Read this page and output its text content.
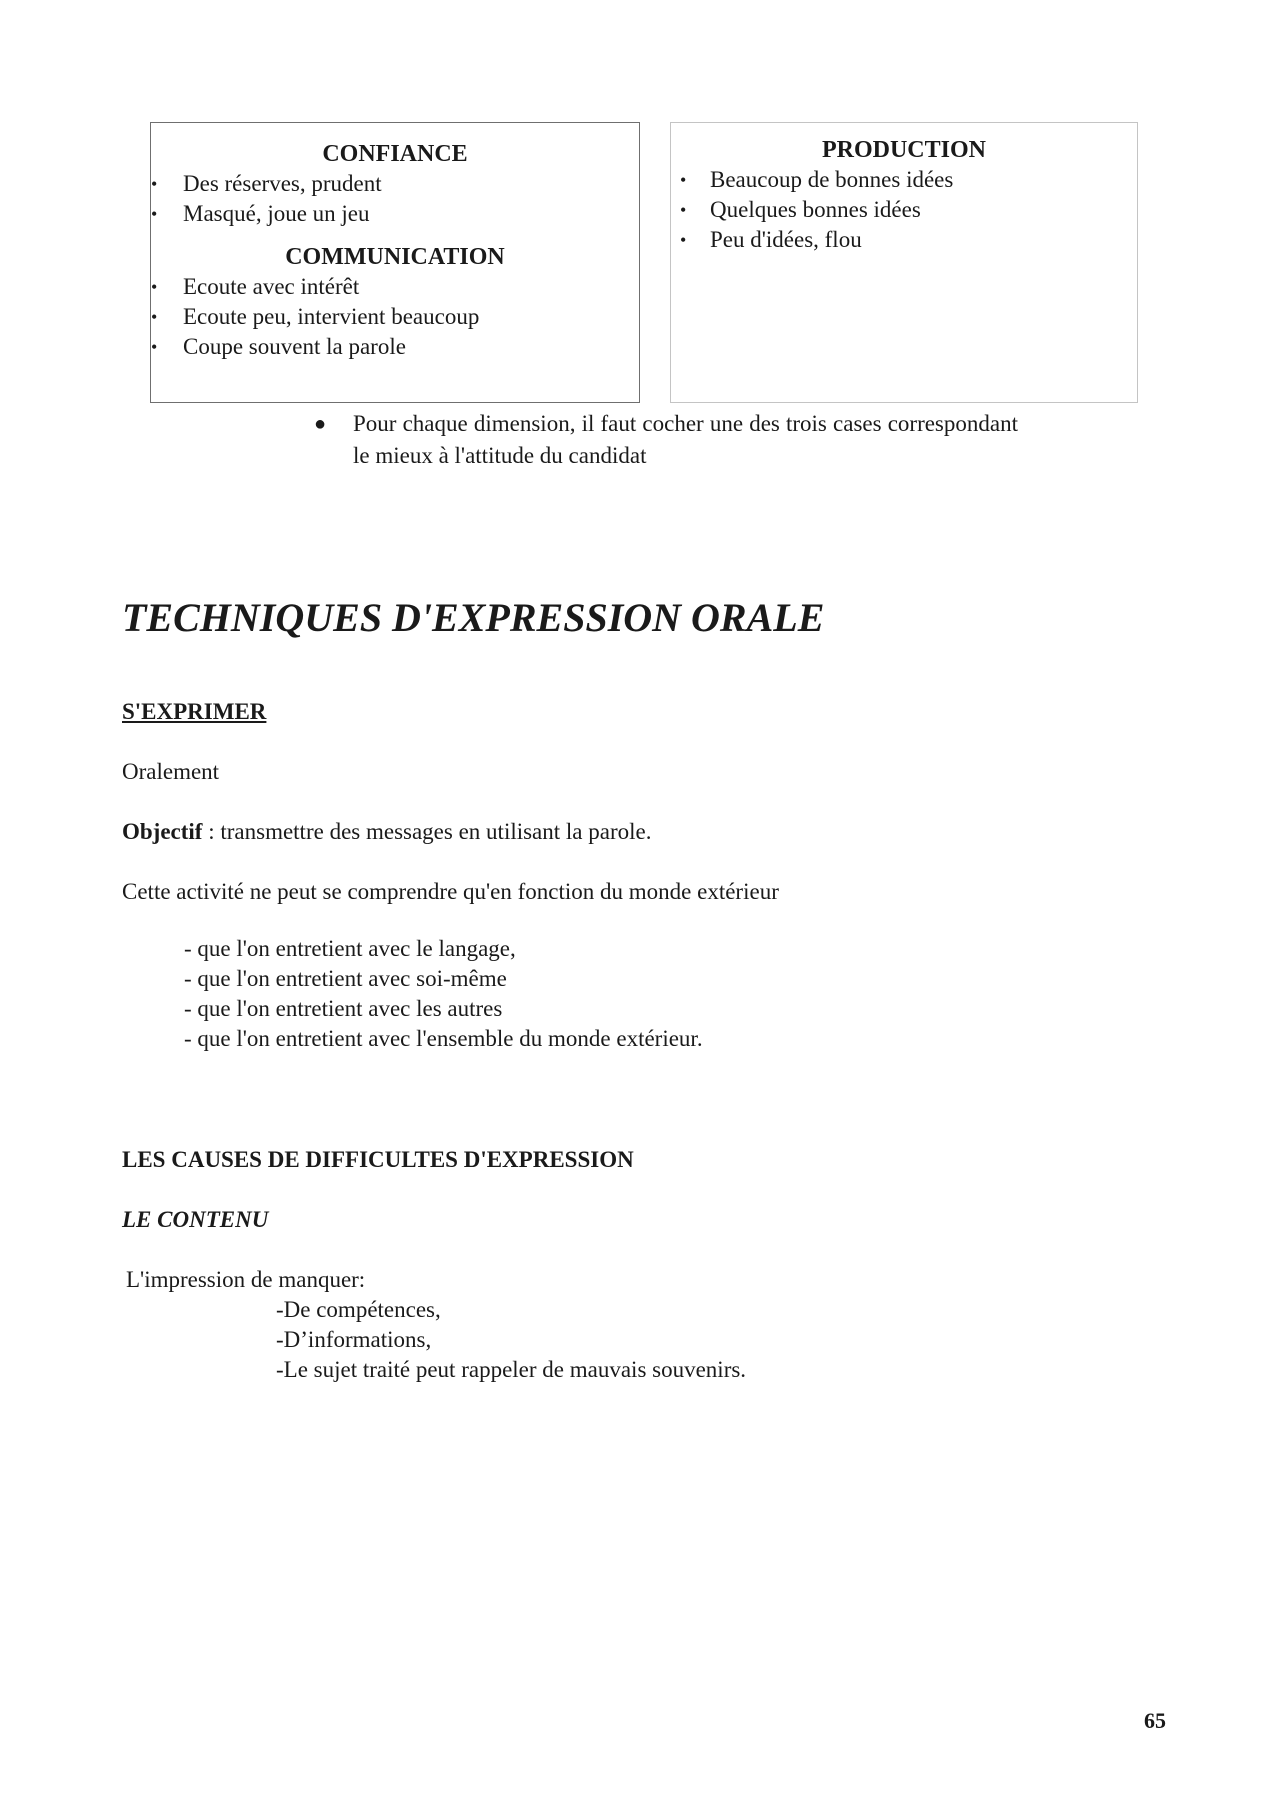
CONFIANCE
• Des réserves, prudent
• Masqué, joue un jeu
COMMUNICATION
• Ecoute avec intérêt
• Ecoute peu, intervient beaucoup
• Coupe souvent la parole
PRODUCTION
• Beaucoup de bonnes idées
• Quelques bonnes idées
• Peu d'idées, flou
● Pour chaque dimension, il faut cocher une des trois cases correspondant le mieux à l'attitude du candidat
TECHNIQUES D'EXPRESSION ORALE

S'EXPRIMER

Oralement

Objectif : transmettre des messages en utilisant la parole.

Cette activité ne peut se comprendre qu'en fonction du monde extérieur

- que l'on entretient avec le langage,
- que l'on entretient avec soi-même
- que l'on entretient avec les autres
- que l'on entretient avec l'ensemble du monde extérieur.

LES CAUSES DE DIFFICULTES D'EXPRESSION

LE CONTENU

L'impression de manquer:

-De compétences,
-D’informations,
-Le sujet traité peut rappeler de mauvais souvenirs.
65
